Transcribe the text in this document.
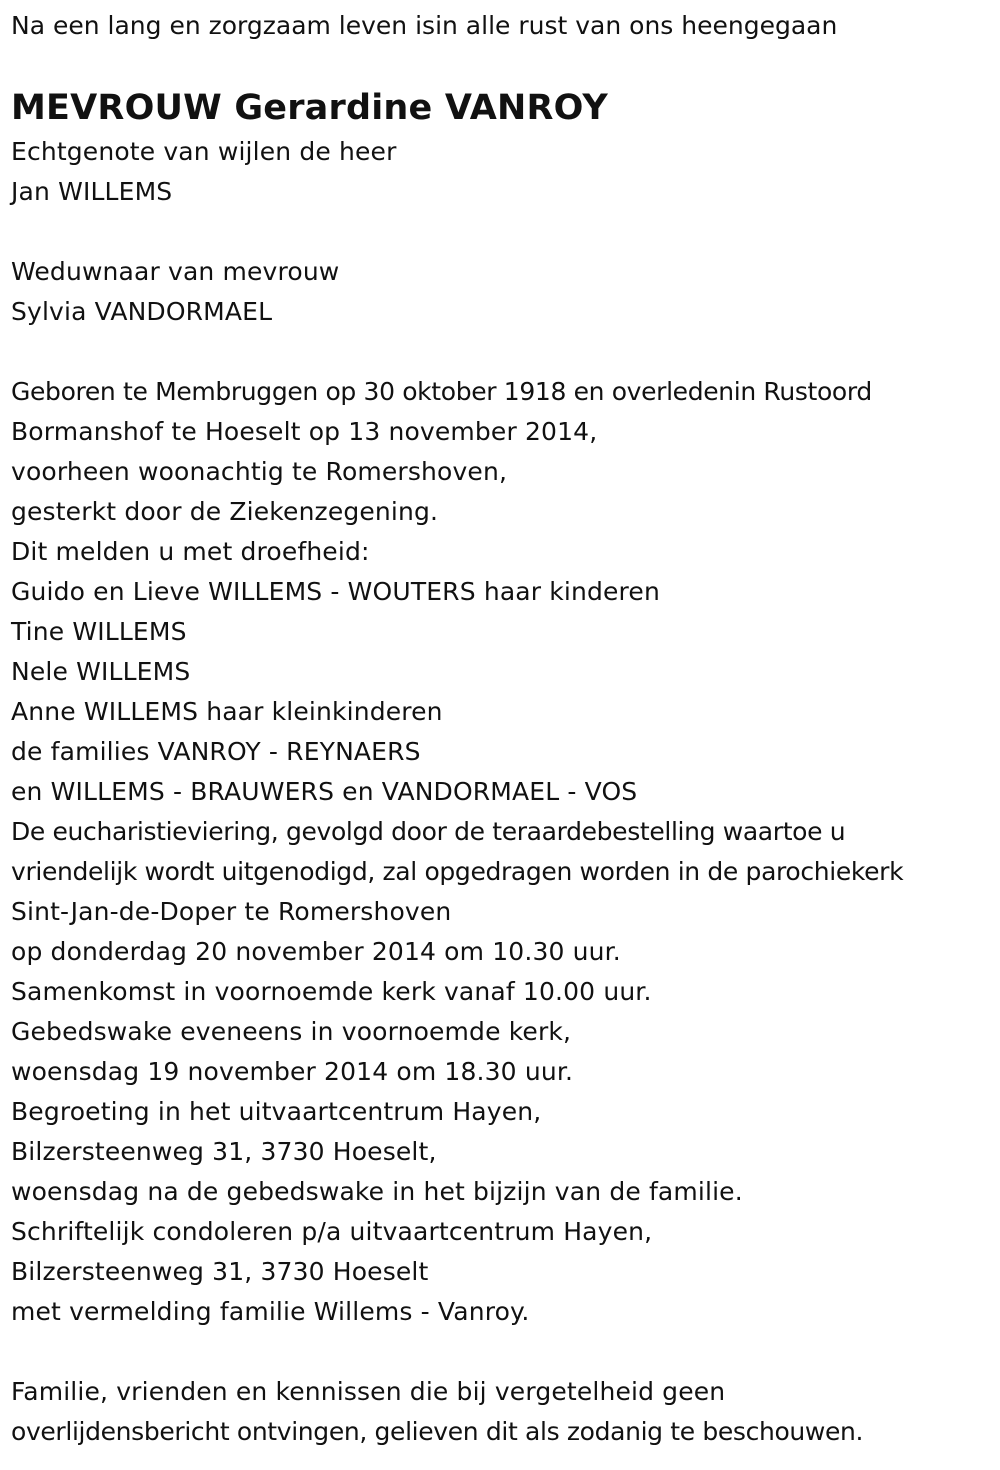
Na een lang en zorgzaam leven isin alle rust van ons heengegaan
MEVROUW Gerardine VANROY
Echtgenote van wijlen de heer
Jan WILLEMS
Weduwnaar van mevrouw
Sylvia VANDORMAEL
Geboren te Membruggen op 30 oktober 1918 en overledenin Rustoord
Bormanshof te Hoeselt op 13 november 2014,
voorheen woonachtig te Romershoven,
gesterkt door de Ziekenzegening.
Dit melden u met droefheid:
Guido en Lieve WILLEMS - WOUTERS haar kinderen
Tine WILLEMS
Nele WILLEMS
Anne WILLEMS haar kleinkinderen
de families VANROY - REYNAERS
en WILLEMS - BRAUWERS en VANDORMAEL - VOS
De eucharistieviering, gevolgd door de teraardebestelling waartoe u
vriendelijk wordt uitgenodigd, zal opgedragen worden in de parochiekerk
Sint-Jan-de-Doper te Romershoven
op donderdag 20 november 2014 om 10.30 uur.
Samenkomst in voornoemde kerk vanaf 10.00 uur.
Gebedswake eveneens in voornoemde kerk,
woensdag 19 november 2014 om 18.30 uur.
Begroeting in het uitvaartcentrum Hayen,
Bilzersteenweg 31, 3730 Hoeselt,
woensdag na de gebedswake in het bijzijn van de familie.
Schriftelijk condoleren p/a uitvaartcentrum Hayen,
Bilzersteenweg 31, 3730 Hoeselt
met vermelding familie Willems - Vanroy.
Familie, vrienden en kennissen die bij vergetelheid geen
overlijdensbericht ontvingen, gelieven dit als zodanig te beschouwen.
